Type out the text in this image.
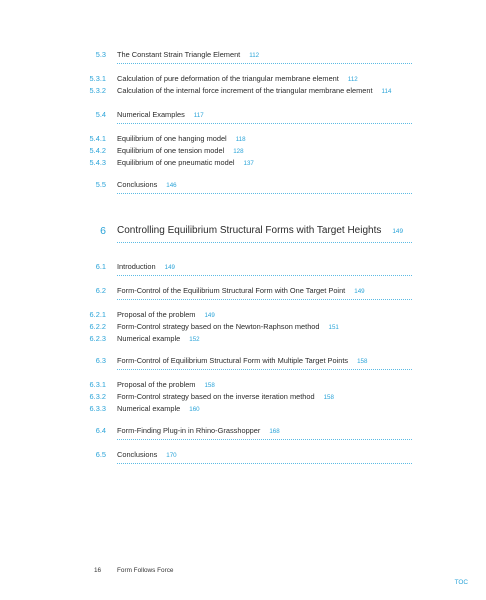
5.3 The Constant Strain Triangle Element 112
5.3.1 Calculation of pure deformation of the triangular membrane element 112
5.3.2 Calculation of the internal force increment of the triangular membrane element 114
5.4 Numerical Examples 117
5.4.1 Equilibrium of one hanging model 118
5.4.2 Equilibrium of one tension model 128
5.4.3 Equilibrium of one pneumatic model 137
5.5 Conclusions 146
6 Controlling Equilibrium Structural Forms with Target Heights 149
6.1 Introduction 149
6.2 Form-Control of the Equilibrium Structural Form with One Target Point 149
6.2.1 Proposal of the problem 149
6.2.2 Form-Control strategy based on the Newton-Raphson method 151
6.2.3 Numerical example 152
6.3 Form-Control of Equilibrium Structural Form with Multiple Target Points 158
6.3.1 Proposal of the problem 158
6.3.2 Form-Control strategy based on the inverse iteration method 158
6.3.3 Numerical example 160
6.4 Form-Finding Plug-in in Rhino-Grasshopper 168
6.5 Conclusions 170
16 Form Follows Force
TOC
